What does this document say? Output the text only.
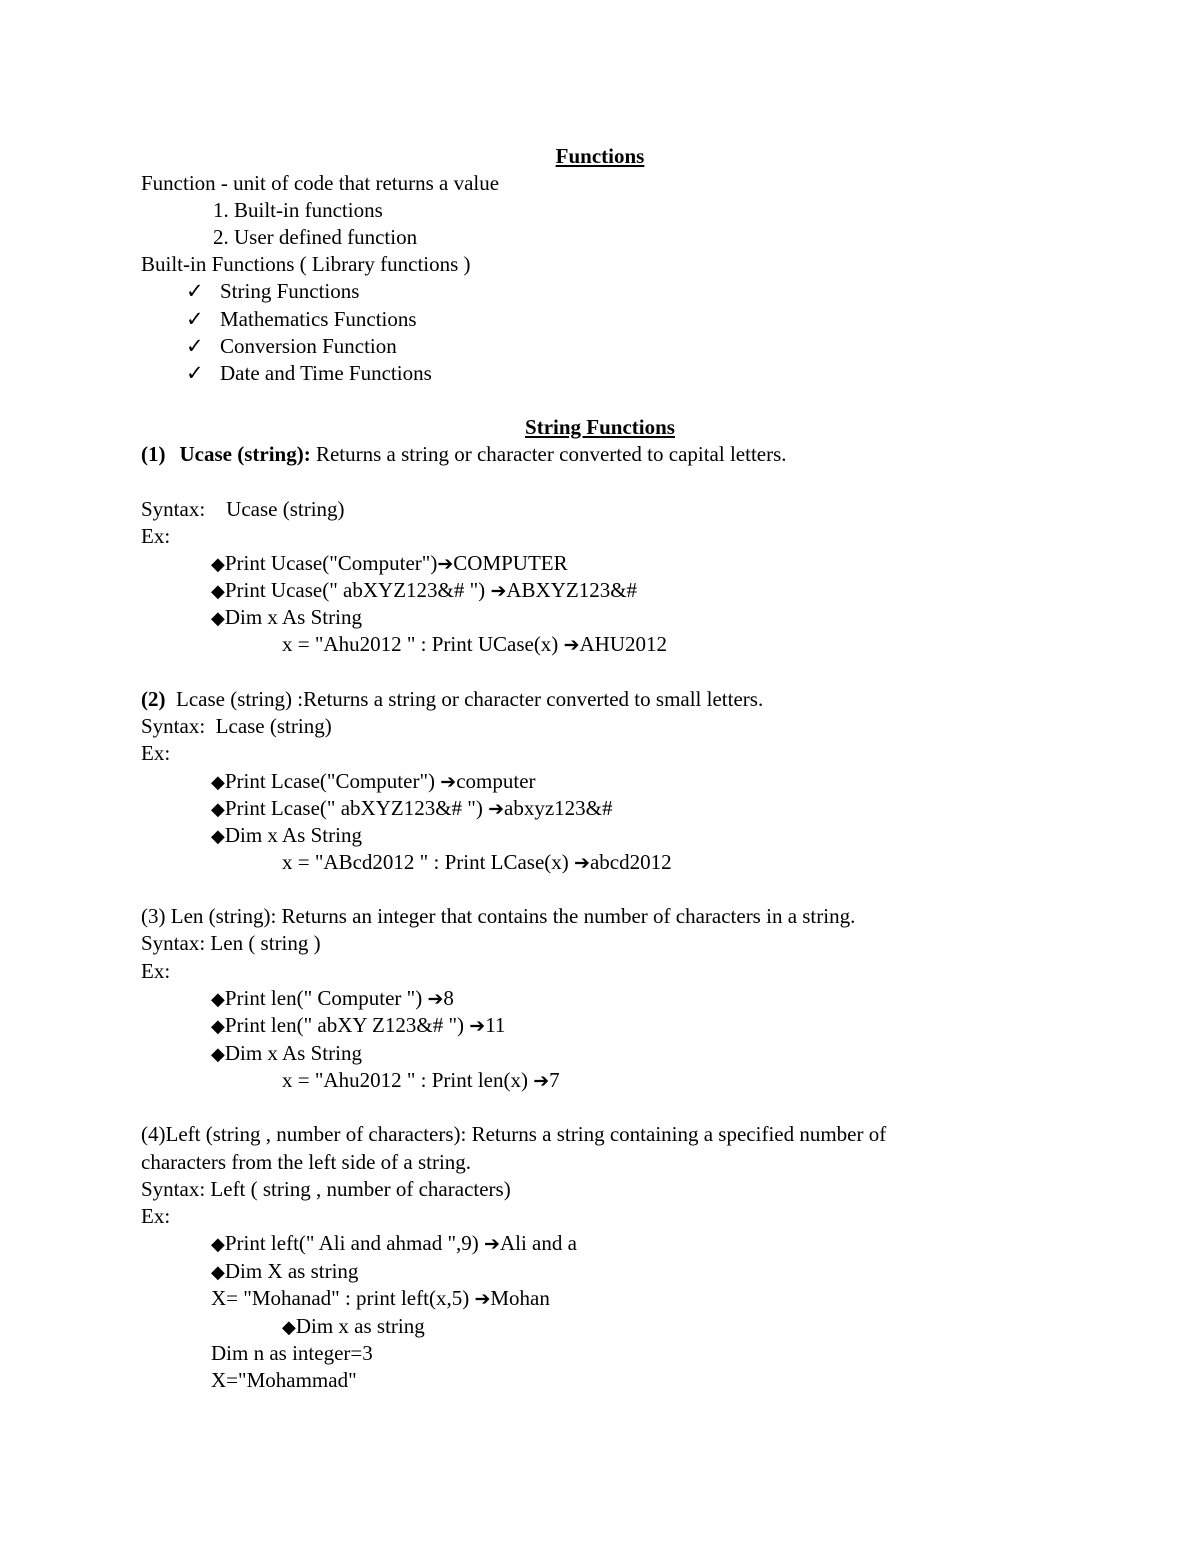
Functions
Function - unit of code that returns a value
1. Built-in functions
2. User defined function
Built-in Functions ( Library functions )
✓ String Functions
✓ Mathematics Functions
✓ Conversion Function
✓ Date and Time Functions
String Functions
(1) Ucase (string): Returns a string or character converted to capital letters.
Syntax:    Ucase (string)
Ex:
◆Print Ucase("Computer")➔COMPUTER
◆Print Ucase(" abXYZ123&# ") ➔ABXYZ123&#
◆Dim x As String
x = "Ahu2012 " : Print UCase(x) ➔AHU2012
(2)  Lcase (string) :Returns a string or character converted to small letters.
Syntax:  Lcase (string)
Ex:
◆Print Lcase("Computer") ➔computer
◆Print Lcase(" abXYZ123&# ") ➔abxyz123&#
◆Dim x As String
x = "ABcd2012 " : Print LCase(x) ➔abcd2012
(3) Len (string): Returns an integer that contains the number of characters in a string.
Syntax: Len ( string )
Ex:
◆Print len(" Computer ") ➔8
◆Print len(" abXY Z123&# ") ➔11
◆Dim x As String
x = "Ahu2012 " : Print len(x) ➔7
(4)Left (string , number of characters): Returns a string containing a specified number of
characters from the left side of a string.
Syntax: Left ( string , number of characters)
Ex:
◆Print left(" Ali and ahmad ",9) ➔Ali and a
◆Dim X as string
X= "Mohanad" : print left(x,5) ➔Mohan
◆Dim x as string
Dim n as integer=3
X="Mohammad"
